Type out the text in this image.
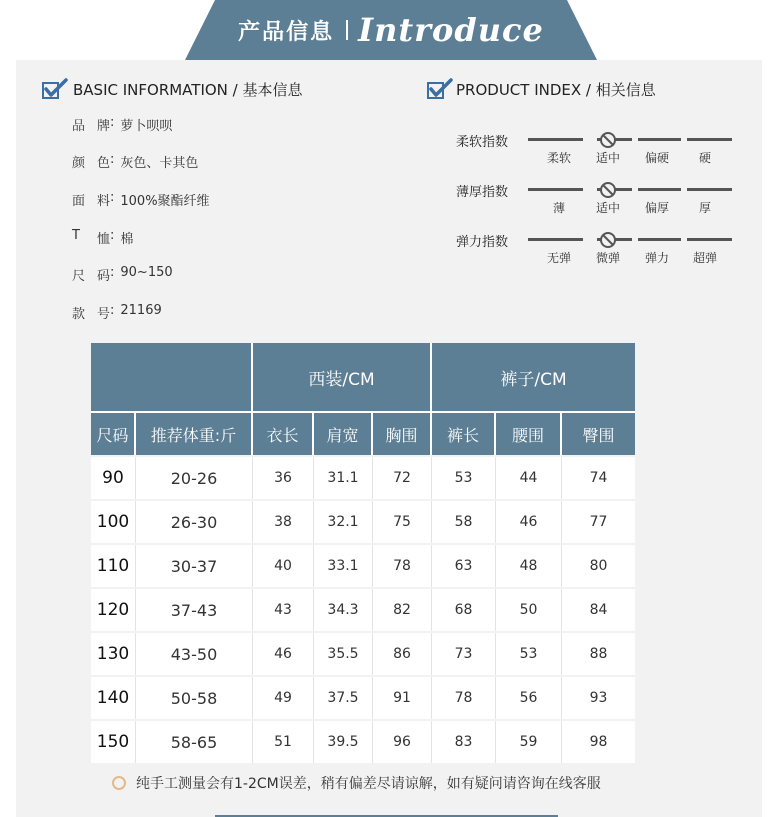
产品信息 Introduce
BASIC INFORMATION / 基本信息
品 牌 : 萝卜呗呗
颜 色 : 灰色、卡其色
面 料 : 100%聚酯纤维
T 恤 : 棉
尺 码 : 90~150
款 号 : 21169
PRODUCT INDEX / 相关信息
柔软指数
柔软 适中 偏硬 硬
薄厚指数
薄	适中 偏厚 厚
弹力指数
无弹 微弹 弹力 超弹
西装/CM	裤子/CM
尺码	推荐体重:斤	衣长	肩宽	胸围	裤长	腰围	臀围
90	20-26	36	31.1	72	53	44	74
100	26-30	38	32.1	75	58	46	77
110	30-37	40	33.1	78	63	48	80
120	37-43	43	34.3	82	68	50	84
130	43-50	46	35.5	86	73	53	88
140	50-58	49	37.5	91	78	56	93
150	58-65	51	39.5	96	83	59	98
纯手工测量会有1-2CM误差，稍有偏差尽请谅解，如有疑问请咨询在线客服
